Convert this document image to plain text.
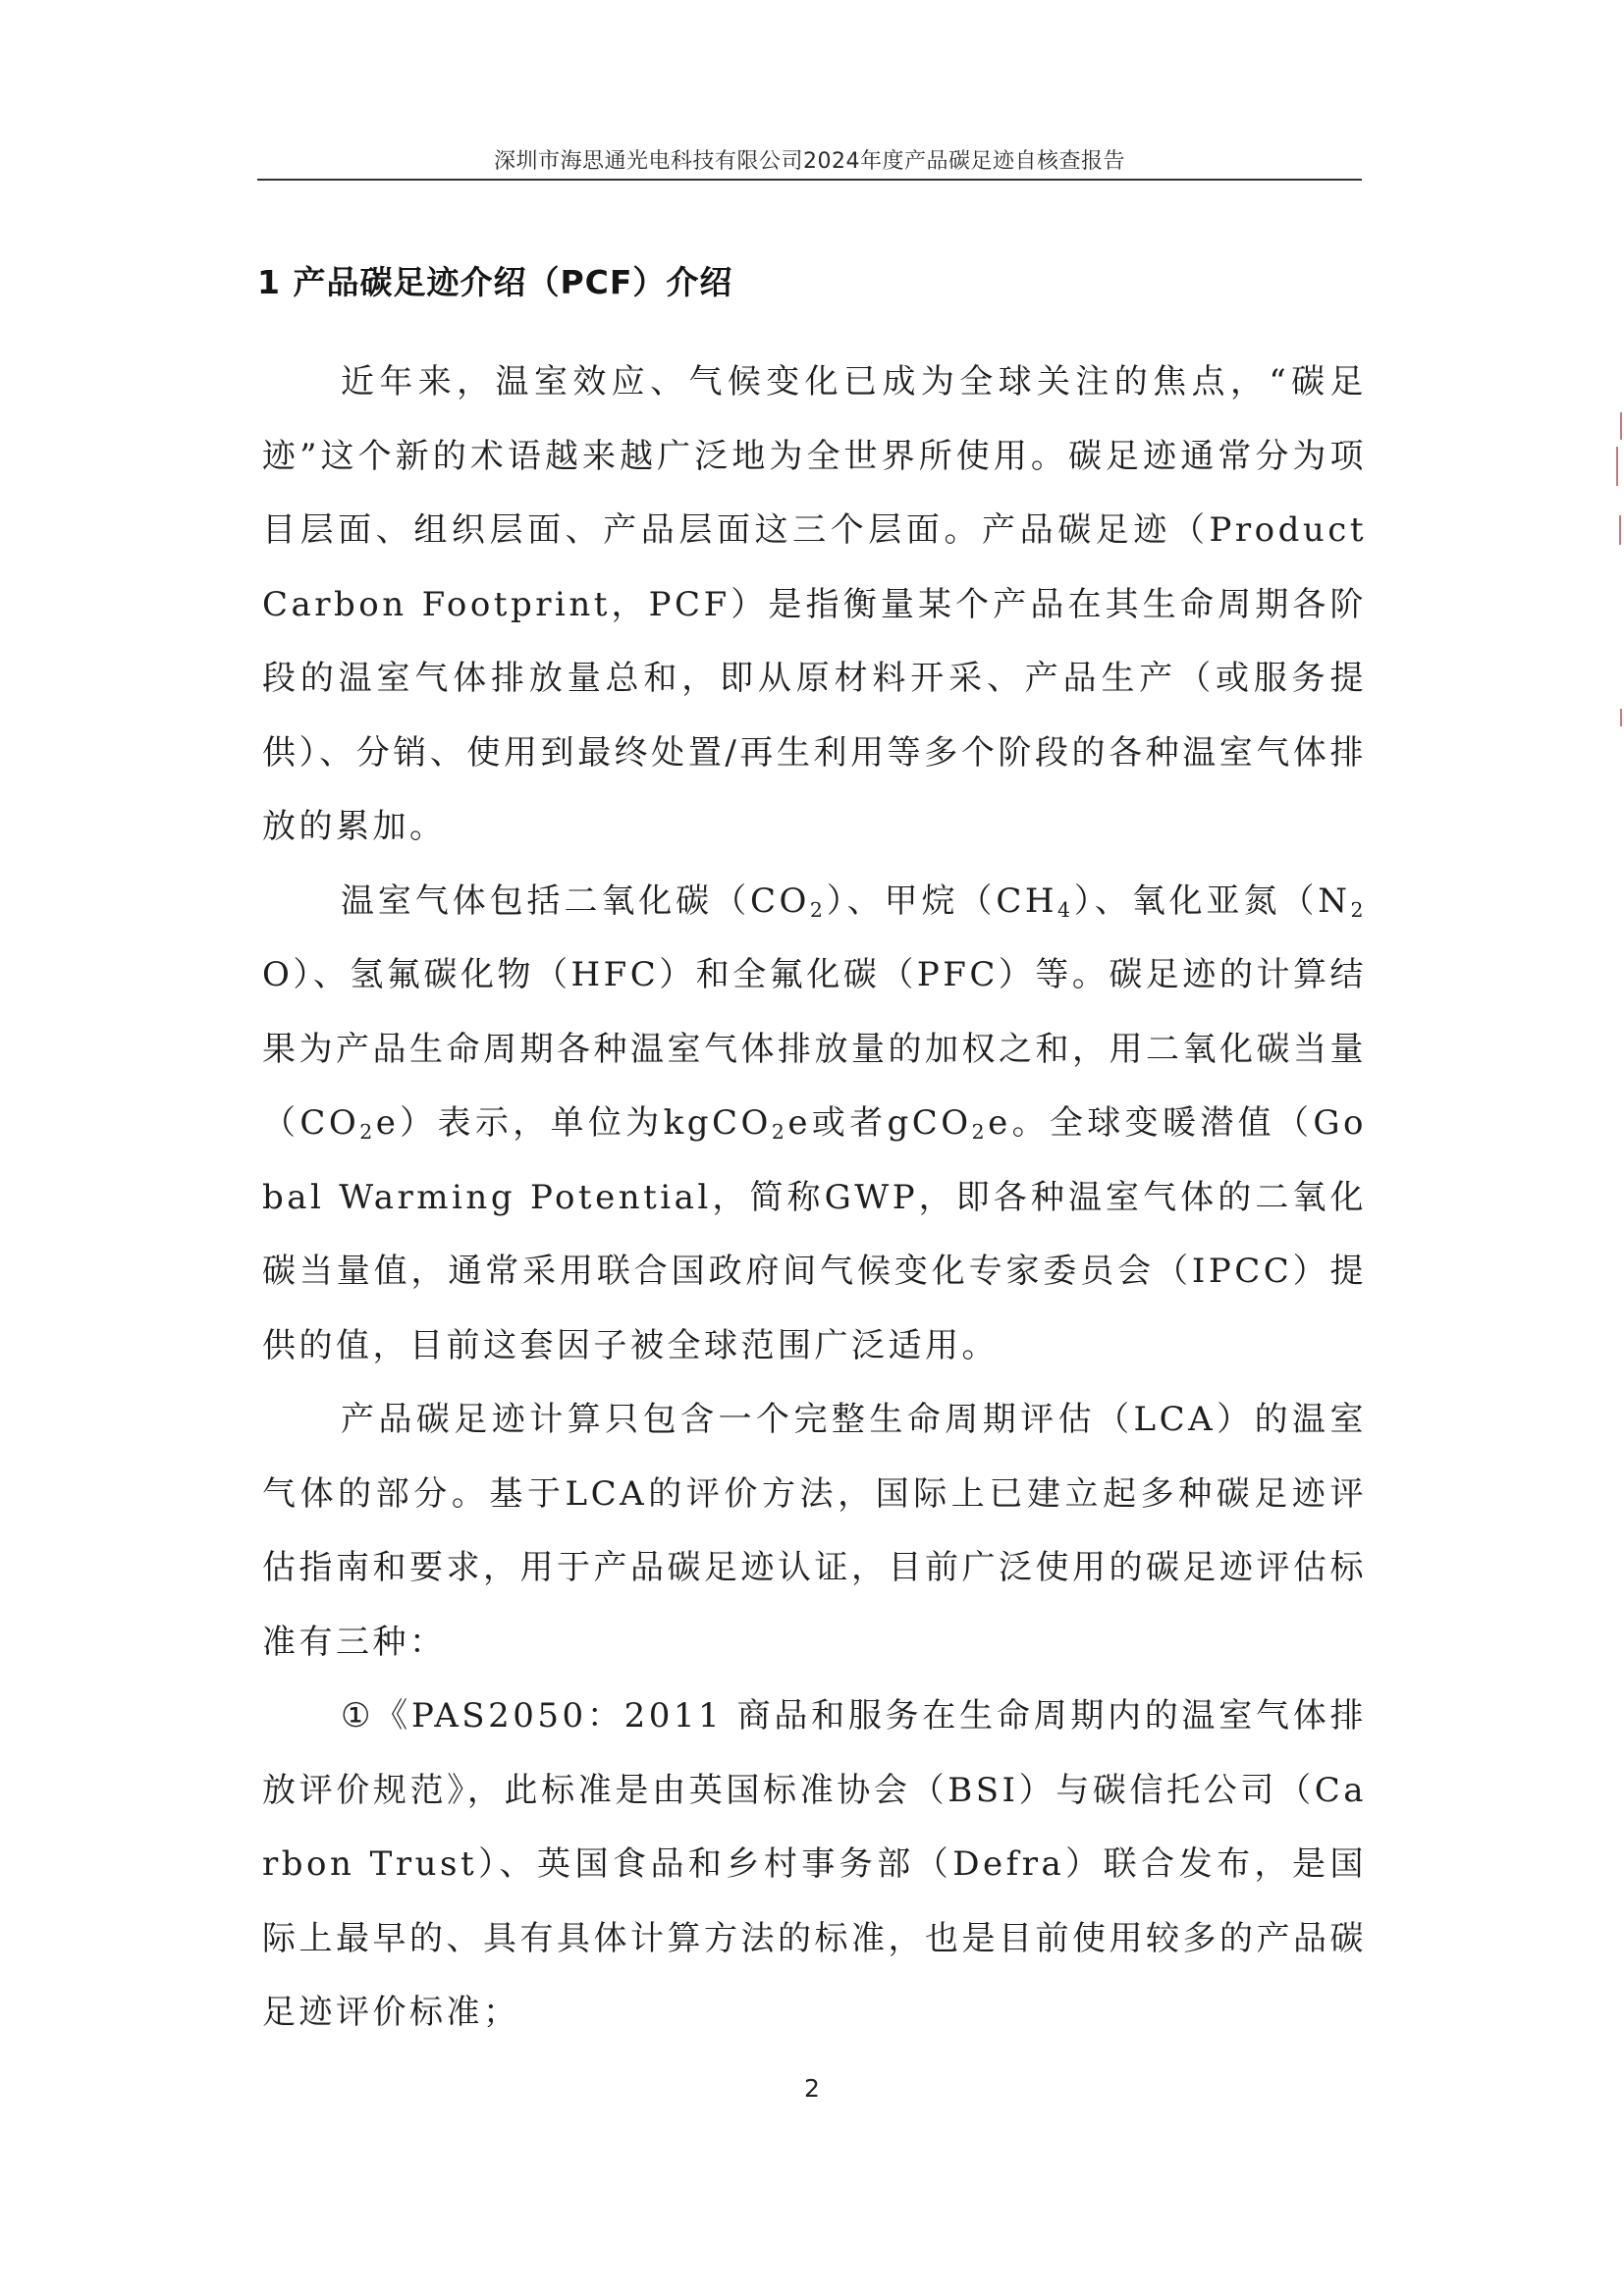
深圳市海思通光电科技有限公司2024年度产品碳足迹自核查报告
1 产品碳足迹介绍（PCF）介绍

近年来，温室效应、气候变化已成为全球关注的焦点，“碳足迹”这个新的术语越来越广泛地为全世界所使用。碳足迹通常分为项目层面、组织层面、产品层面这三个层面。产品碳足迹（Product Carbon Footprint，PCF）是指衡量某个产品在其生命周期各阶段的温室气体排放量总和，即从原材料开采、产品生产（或服务提供）、分销、使用到最终处置/再生利用等多个阶段的各种温室气体排放的累加。

温室气体包括二氧化碳$(CO_2)$、甲烷$(CH_4)$、氧化亚氮$(N_2O)$、氢氟碳化物（HFC）和全氟化碳（PFC）等。碳足迹的计算结果为产品生命周期各种温室气体排放量的加权之和，用二氧化碳当量$(CO_2e)$表示，单位为kgCO$_2$e或者gCO$_2$e。全球变暖潜值（Gobal Warming Potential，简称GWP，即各种温室气体的二氧化碳当量值，通常采用联合国政府间气候变化专家委员会（IPCC）提供的值，目前这套因子被全球范围广泛适用。

产品碳足迹计算只包含一个完整生命周期评估（LCA）的温室气体的部分。基于LCA的评价方法，国际上已建立起多种碳足迹评估指南和要求，用于产品碳足迹认证，目前广泛使用的碳足迹评估标准有三种：

①《PAS2050：2011 商品和服务在生命周期内的温室气体排放评价规范》，此标准是由英国标准协会（BSI）与碳信托公司（Carbon Trust）、英国食品和乡村事务部（Defra）联合发布，是国际上最早的、具有具体计算方法的标准，也是目前使用较多的产品碳 足迹评价标准；

2
